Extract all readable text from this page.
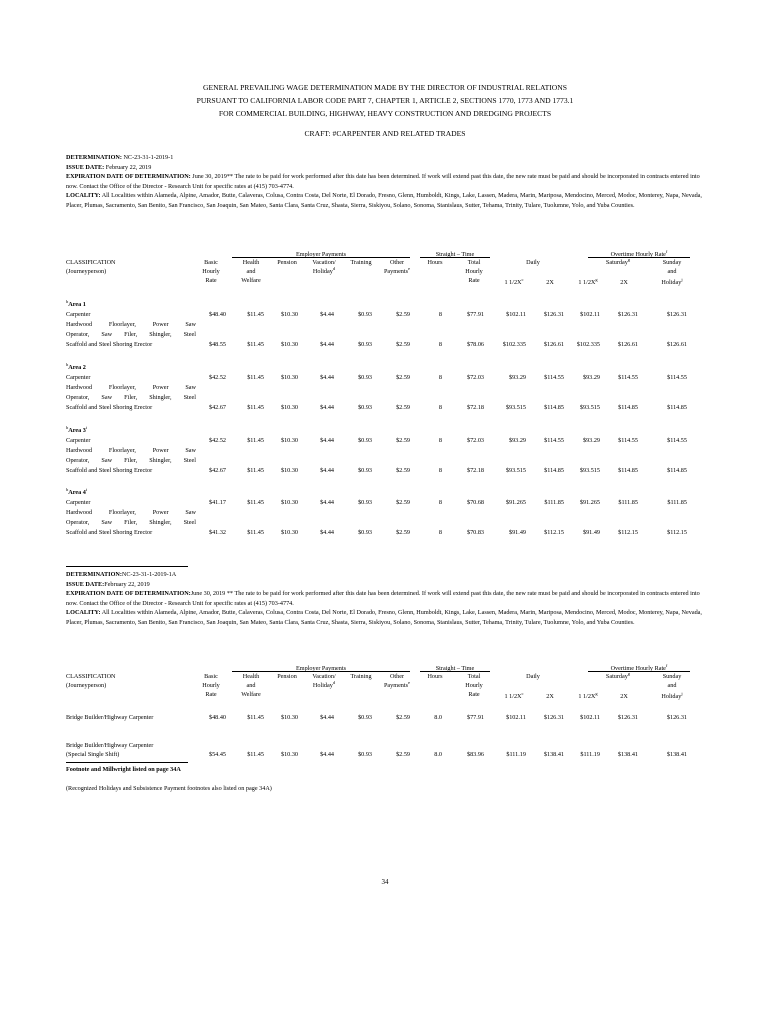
GENERAL PREVAILING WAGE DETERMINATION MADE BY THE DIRECTOR OF INDUSTRIAL RELATIONS
PURSUANT TO CALIFORNIA LABOR CODE PART 7, CHAPTER 1, ARTICLE 2, SECTIONS 1770, 1773 AND 1773.1
FOR COMMERCIAL BUILDING, HIGHWAY, HEAVY CONSTRUCTION AND DREDGING PROJECTS
CRAFT: #CARPENTER AND RELATED TRADES
DETERMINATION: NC-23-31-1-2019-1
ISSUE DATE: February 22, 2019
EXPIRATION DATE OF DETERMINATION: June 30, 2019** The rate to be paid for work performed after this date has been determined. If work will extend past this date, the new rate must be paid and should be incorporated in contracts entered into now. Contact the Office of the Director - Research Unit for specific rates at (415) 703-4774.
LOCALITY: All Localities within Alameda, Alpine, Amador, Butte, Calaveras, Colusa, Contra Costa, Del Norte, El Dorado, Fresno, Glenn, Humboldt, Kings, Lake, Lassen, Madera, Marin, Mariposa, Mendocino, Merced, Modoc, Monterey, Napa, Nevada, Placer, Plumas, Sacramento, San Benito, San Francisco, San Joaquin, San Mateo, Santa Clara, Santa Cruz, Shasta, Sierra, Siskiyou, Solano, Sonoma, Stanislaus, Sutter, Tehama, Trinity, Tulare, Tuolumne, Yolo, and Yuba Counties.
CLASSIFICATION
(Journeyperson)
Basic
Hourly
Rate
Employer Payments
Health
and
Welfare
Pension	Vacation/
Holiday$^d$
Training	Other
Payments$^e$
Straight – Time
Hours	Total
Hourly
Rate
Overtime Hourly Rate$^f$
Daily	Saturday$^g$
1 $1/2X^c$	2X	1 $1/2X^g$	2X
Sunday
and
Holiday$^j$
$^b$Area 1
Carpenter	$48.40	$11.45	$10.30	$4.44	$0.93	$2.59	8	$77.91	$102.11	$126.31	$102.11	$126.31	$126.31
Hardwood Floorlayer, Power Saw
Operator, Saw Filer, Shingler, Steel
Scaffold and Steel Shoring Erector	$48.55	$11.45	$10.30	$4.44	$0.93	$2.59	8	$78.06	$102.335	$126.61	$102.335	$126.61	$126.61
$^b$Area 2
Carpenter	$42.52	$11.45	$10.30	$4.44	$0.93	$2.59	8	$72.03	$93.29	$114.55	$93.29	$114.55	$114.55
Hardwood Floorlayer, Power Saw
Operator, Saw Filer, Shingler, Steel
Scaffold and Steel Shoring Erector	$42.67	$11.45	$10.30	$4.44	$0.93	$2.59	8	$72.18	$93.515	$114.85	$93.515	$114.85	$114.85
$^b$Area 3$^i$
Carpenter	$42.52	$11.45	$10.30	$4.44	$0.93	$2.59	8	$72.03	$93.29	$114.55	$93.29	$114.55	$114.55
Hardwood Floorlayer, Power Saw
Operator, Saw Filer, Shingler, Steel
Scaffold and Steel Shoring Erector	$42.67	$11.45	$10.30	$4.44	$0.93	$2.59	8	$72.18	$93.515	$114.85	$93.515	$114.85	$114.85
$^b$Area 4$^i$
Carpenter	$41.17	$11.45	$10.30	$4.44	$0.93	$2.59	8	$70.68	$91.265	$111.85	$91.265	$111.85	$111.85
Hardwood Floorlayer, Power Saw
Operator, Saw Filer, Shingler, Steel
Scaffold and Steel Shoring Erector	$41.32	$11.45	$10.30	$4.44	$0.93	$2.59	8	$70.83	$91.49	$112.15	$91.49	$112.15	$112.15
DETERMINATION:NC-23-31-1-2019-1A
ISSUE DATE:February 22, 2019
EXPIRATION DATE OF DETERMINATION:June 30, 2019 ** The rate to be paid for work performed after this date has been determined. If work will extend past this date, the new rate must be paid and should be incorporated in contracts entered into now. Contact the Office of the Director - Research Unit for specific rates at (415) 703-4774.
LOCALITY: All Localities within Alameda, Alpine, Amador, Butte, Calaveras, Colusa, Contra Costa, Del Norte, El Dorado, Fresno, Glenn, Humboldt, Kings, Lake, Lassen, Madera, Marin, Mariposa, Mendocino, Merced, Modoc, Monterey, Napa, Nevada, Placer, Plumas, Sacramento, San Benito, San Francisco, San Joaquin, San Mateo, Santa Clara, Santa Cruz, Shasta, Sierra, Siskiyou, Solano, Sonoma, Stanislaus, Sutter, Tehama, Trinity, Tulare, Tuolumne, Yolo, and Yuba Counties.
CLASSIFICATION
(Journeyperson)
Basic
Hourly
Rate
Employer Payments
Health
and
Welfare
Pension	Vacation/
Holiday$^d$
Training	Other
Payments$^e$
Straight – Time
Hours	Total
Hourly
Rate
Overtime Hourly Rate$^f$
Daily	Saturday$^g$
1 $1/2X^c$	2X	1 $1/2X^g$	2X
Sunday
and
Holiday$^j$
Bridge Builder/Highway Carpenter	$48.40	$11.45	$10.30	$4.44	$0.93	$2.59	8.0	$77.91	$102.11	$126.31	$102.11	$126.31	$126.31
Bridge Builder/Highway Carpenter
(Special Single Shift)	$54.45	$11.45	$10.30	$4.44	$0.93	$2.59	8.0	$83.96	$111.19	$138.41	$111.19	$138.41	$138.41
Footnote and Millwright listed on page 34A
(Recognized Holidays and Subsistence Payment footnotes also listed on page 34A)
34
